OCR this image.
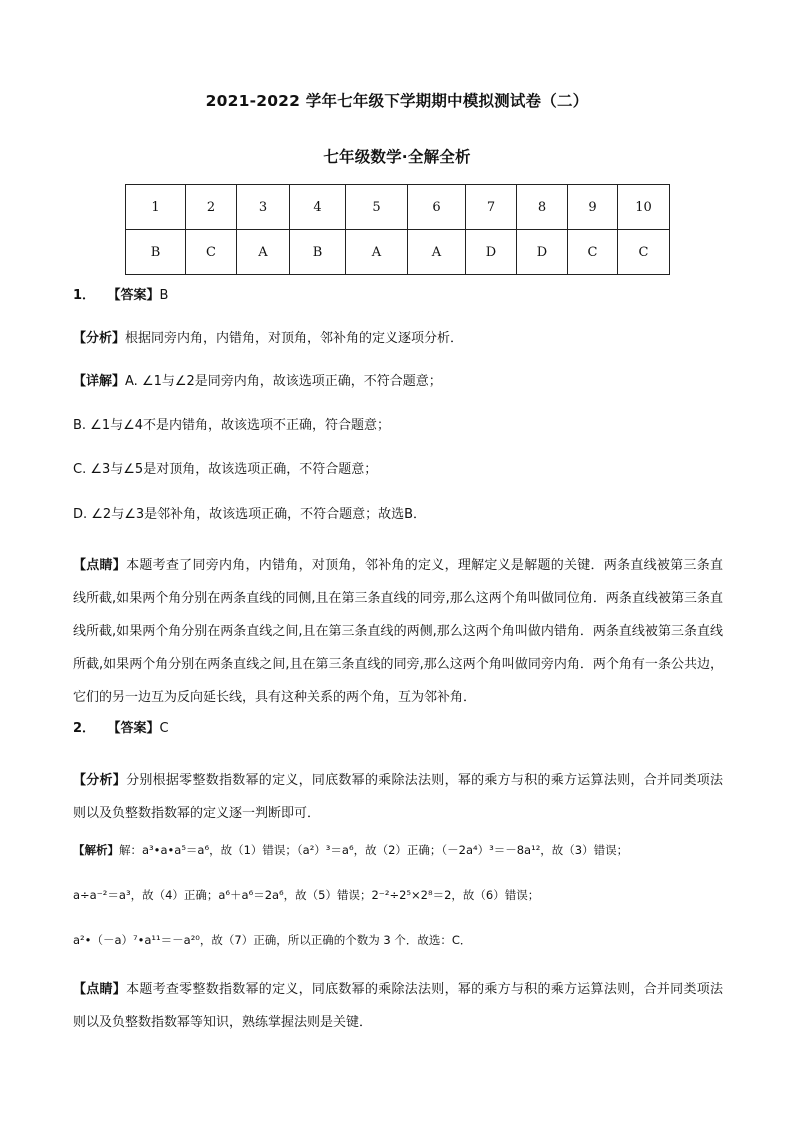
2021-2022 学年七年级下学期期中模拟测试卷（二）
七年级数学·全解全析
1	2	3	4	5	6	7	8	9	10
B	C	A	B	A	A	D	D	C	C
1． 【答案】B
【分析】根据同旁内角，内错角，对顶角，邻补角的定义逐项分析．
【详解】A. ∠1与∠2是同旁内角，故该选项正确，不符合题意；
B. ∠1与∠4不是内错角，故该选项不正确，符合题意；
C. ∠3与∠5是对顶角，故该选项正确，不符合题意；
D. ∠2与∠3是邻补角，故该选项正确，不符合题意；故选B．
【点睛】本题考查了同旁内角，内错角，对顶角，邻补角的定义，理解定义是解题的关键．两条直线被第三条直线所截,如果两个角分别在两条直线的同侧,且在第三条直线的同旁,那么这两个角叫做同位角．两条直线被第三条直线所截,如果两个角分别在两条直线之间,且在第三条直线的两侧,那么这两个角叫做内错角．两条直线被第三条直线所截,如果两个角分别在两条直线之间,且在第三条直线的同旁,那么这两个角叫做同旁内角．两个角有一条公共边，它们的另一边互为反向延长线，具有这种关系的两个角，互为邻补角．
2． 【答案】C
【分析】分别根据零整数指数幂的定义，同底数幂的乘除法法则，幂的乘方与积的乘方运算法则，合并同类项法则以及负整数指数幂的定义逐一判断即可．
【解析】解：a³•a•a⁵＝a⁶，故（1）错误；（a²）³＝a⁶，故（2）正确；（－2a⁴）³＝－8a¹²，故（3）错误；
a÷a⁻²＝a³，故（4）正确；a⁶＋a⁶＝2a⁶，故（5）错误；2⁻²÷2⁵×2⁸＝2，故（6）错误；
a²•（－a）⁷•a¹¹＝－a²⁰，故（7）正确，所以正确的个数为 3 个．故选：C．
【点睛】本题考查零整数指数幂的定义，同底数幂的乘除法法则，幂的乘方与积的乘方运算法则，合并同类项法则以及负整数指数幂等知识，熟练掌握法则是关键．
